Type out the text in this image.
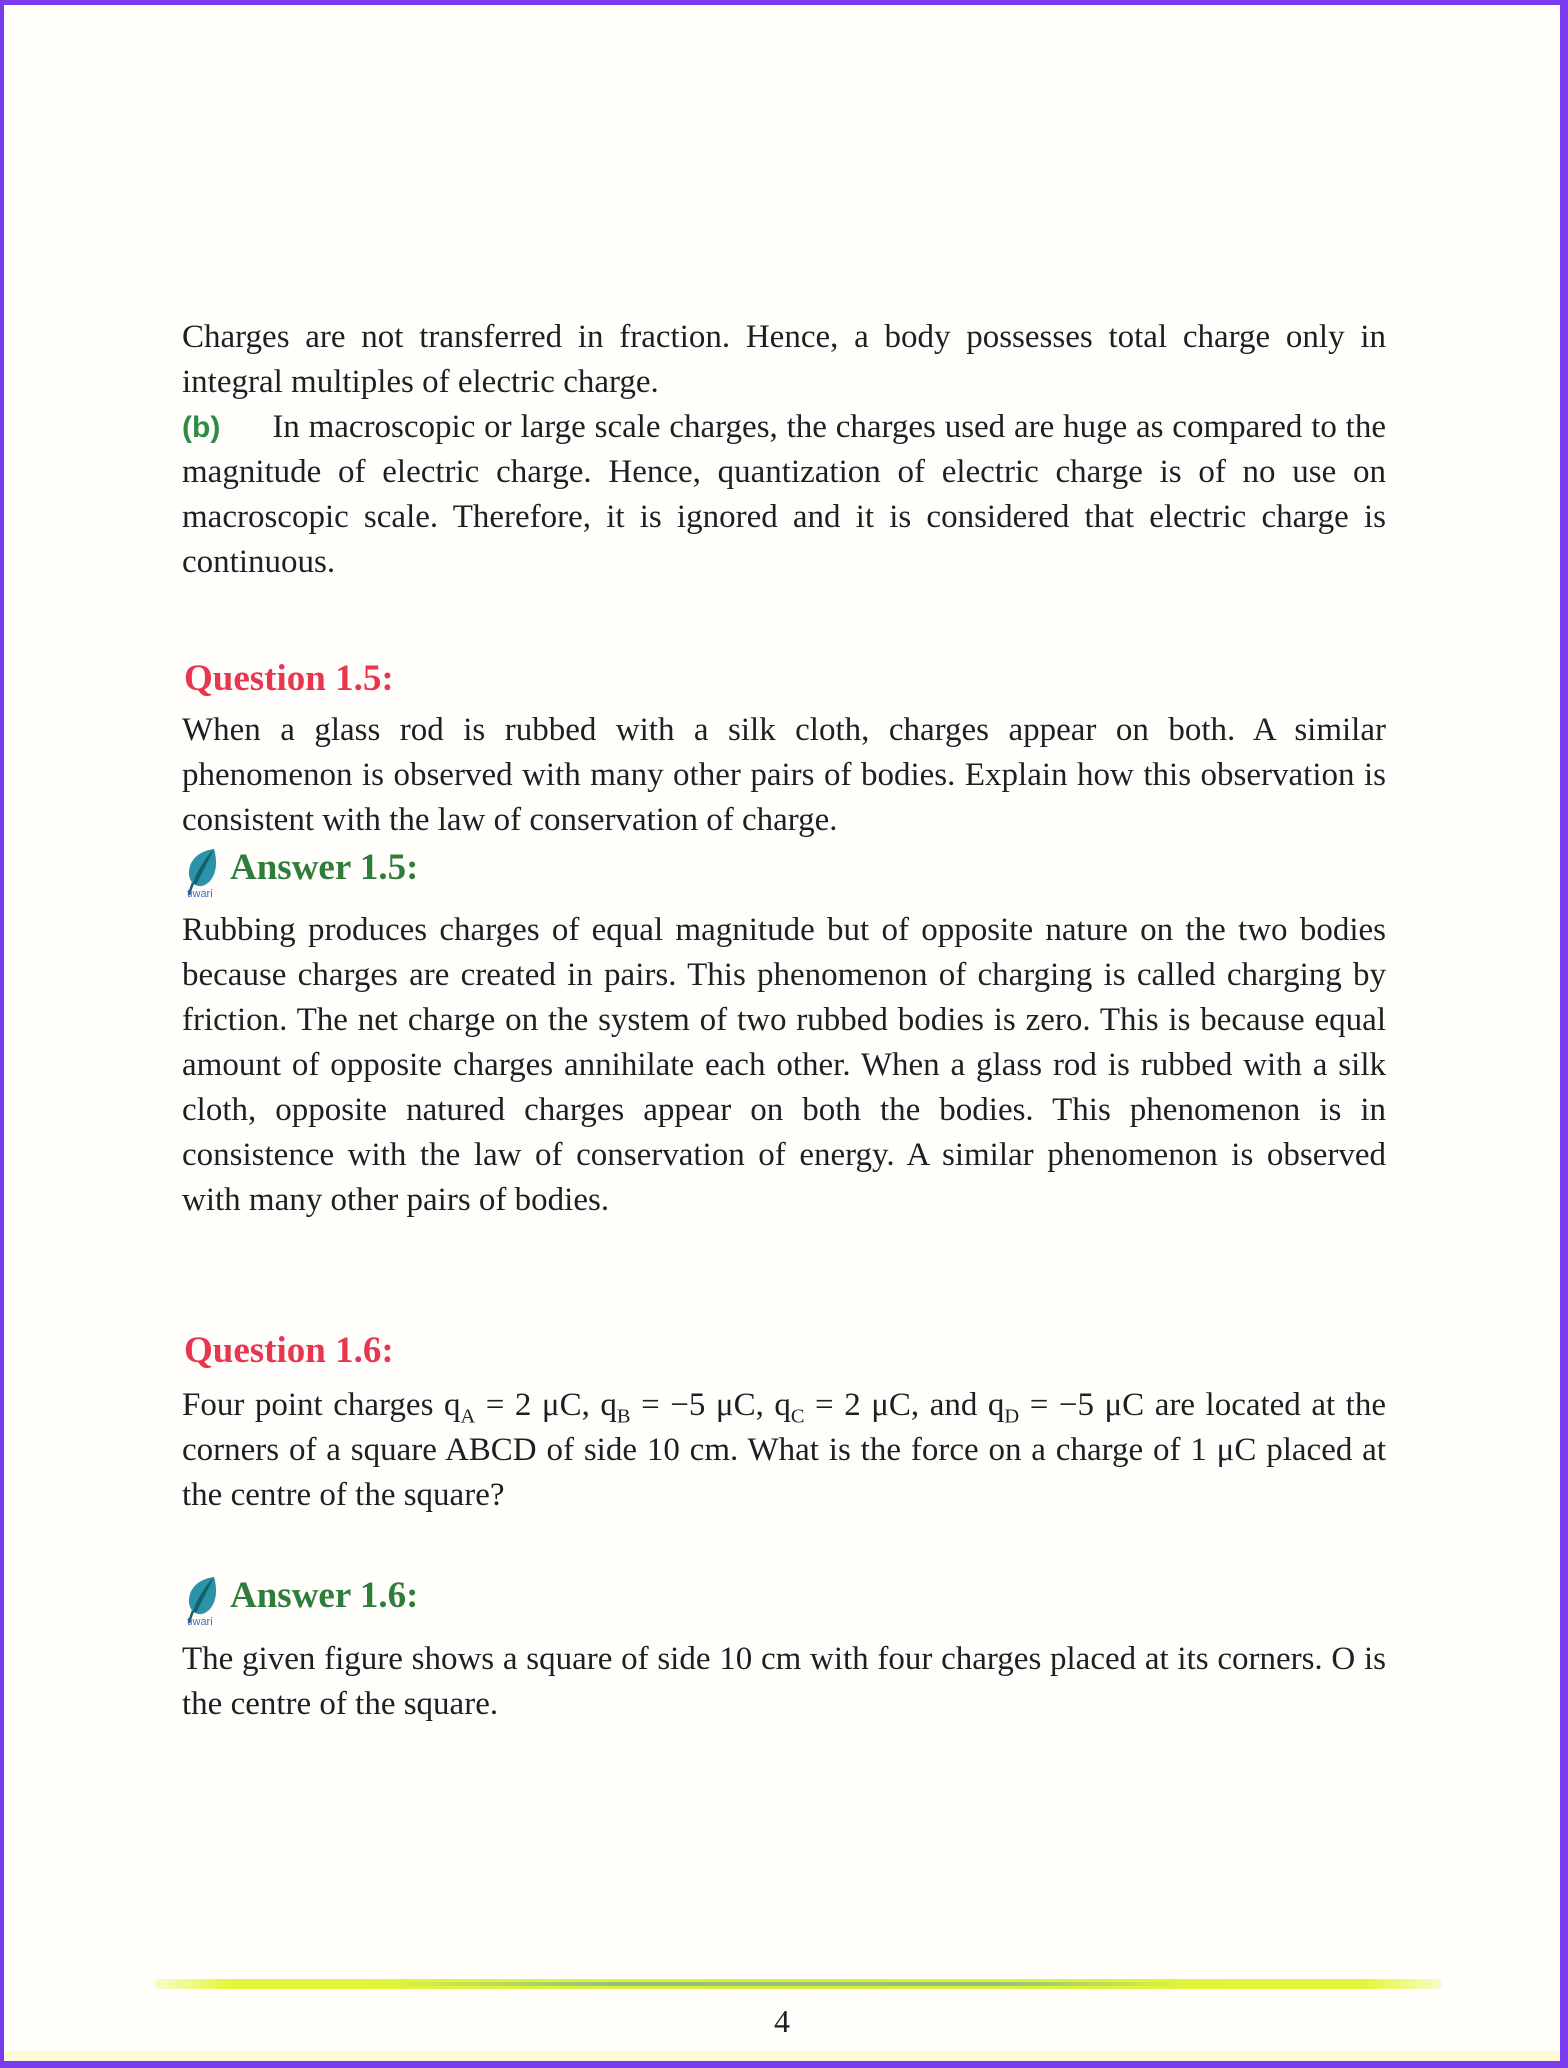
Charges are not transferred in fraction. Hence, a body possesses total charge only in integral multiples of electric charge.

(b) In macroscopic or large scale charges, the charges used are huge as compared to the magnitude of electric charge. Hence, quantization of electric charge is of no use on macroscopic scale. Therefore, it is ignored and it is considered that electric charge is continuous.

Question 1.5:

When a glass rod is rubbed with a silk cloth, charges appear on both. A similar phenomenon is observed with many other pairs of bodies. Explain how this observation is consistent with the law of conservation of charge.

tiwari
Answer 1.5:

Rubbing produces charges of equal magnitude but of opposite nature on the two bodies because charges are created in pairs. This phenomenon of charging is called charging by friction. The net charge on the system of two rubbed bodies is zero. This is because equal amount of opposite charges annihilate each other. When a glass rod is rubbed with a silk cloth, opposite natured charges appear on both the bodies. This phenomenon is in consistence with the law of conservation of energy. A similar phenomenon is observed with many other pairs of bodies.

Question 1.6:

Four point charges $q_A = 2$ μC, $q_B = -5$ μC, $q_C = 2$ μC, and $q_D = -5$ μC are located at the corners of a square ABCD of side 10 cm. What is the force on a charge of 1 μC placed at the centre of the square?

tiwari
Answer 1.6:

The given figure shows a square of side 10 cm with four charges placed at its corners. O is the centre of the square.

4
